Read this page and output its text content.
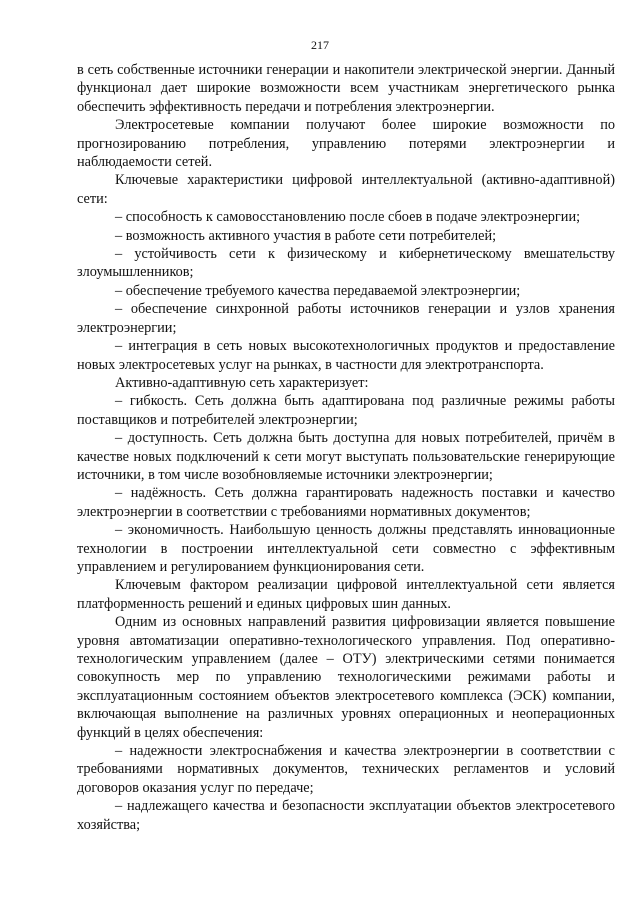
217

в сеть собственные источники генерации и накопители электрической энергии. Данный функционал дает широкие возможности всем участникам энергетического рынка обеспечить эффективность передачи и потребления электроэнергии.

Электросетевые компании получают более широкие возможности по прогнозированию потребления, управлению потерями электроэнергии и наблюдаемости сетей.

Ключевые характеристики цифровой интеллектуальной (активно-адаптивной) сети:

– способность к самовосстановлению после сбоев в подаче электроэнергии;

– возможность активного участия в работе сети потребителей;

– устойчивость сети к физическому и кибернетическому вмешательству злоумышленников;

– обеспечение требуемого качества передаваемой электроэнергии;

– обеспечение синхронной работы источников генерации и узлов хранения электроэнергии;

– интеграция в сеть новых высокотехнологичных продуктов и предоставление новых электросетевых услуг на рынках, в частности для электротранспорта.

Активно-адаптивную сеть характеризует:

– гибкость. Сеть должна быть адаптирована под различные режимы работы поставщиков и потребителей электроэнергии;

– доступность. Сеть должна быть доступна для новых потребителей, причём в качестве новых подключений к сети могут выступать пользовательские генерирующие источники, в том числе возобновляемые источники электроэнергии;

– надёжность. Сеть должна гарантировать надежность поставки и качество электроэнергии в соответствии с требованиями нормативных документов;

– экономичность. Наибольшую ценность должны представлять инновационные технологии в построении интеллектуальной сети совместно с эффективным управлением и регулированием функционирования сети.

Ключевым фактором реализации цифровой интеллектуальной сети является платформенность решений и единых цифровых шин данных.

Одним из основных направлений развития цифровизации является повышение уровня автоматизации оперативно-технологического управления. Под оперативно-технологическим управлением (далее – ОТУ) электрическими сетями понимается совокупность мер по управлению технологическими режимами работы и эксплуатационным состоянием объектов электросетевого комплекса (ЭСК) компании, включающая выполнение на различных уровнях операционных и неоперационных функций в целях обеспечения:

– надежности электроснабжения и качества электроэнергии в соответствии с требованиями нормативных документов, технических регламентов и условий договоров оказания услуг по передаче;

– надлежащего качества и безопасности эксплуатации объектов электросетевого хозяйства;
